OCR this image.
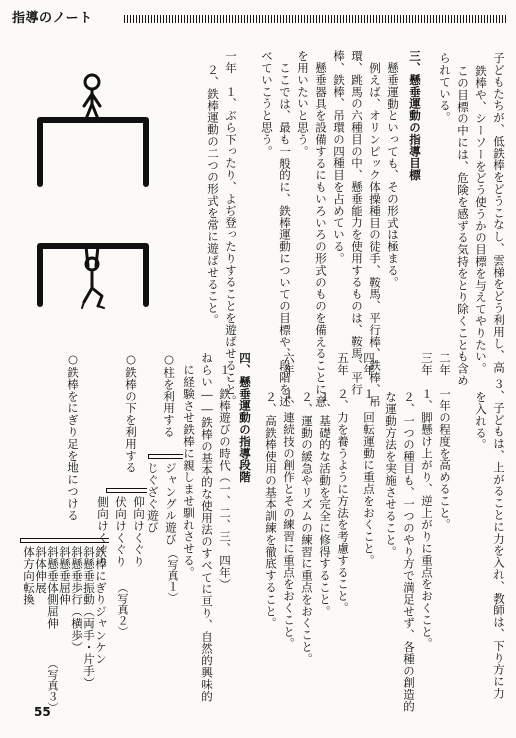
指導のノート
子どもたちが、低鉄棒をどうこなし、雲梯をどう利用し、高
鉄棒や、シーソーをどう使うかの目標を与えてやりたい。
この目標の中には、危険を感ずる気持をとり除くことも含め
られている。
三、懸垂運動の指導目標
懸垂運動といっても、その形式は極まる。
例えば、オリンピック体操種目の徒手、鞍馬、平行棒、鉄棒、吊
環、跳馬の六種目の中、懸垂能力を使用するものは、鞍馬、平行
棒、鉄棒、吊環の四種目を占めている。
懸垂器具を設備するにもいろいろの形式のものを備えることに意
を用いたいと思う。
ここでは、最も一般的に、鉄棒運動についての目標や、段階を述
べていこうと思う。
一年　１、ぶら下ったり、よぢ登ったりすることを遊ばせること。
２、鉄棒運動の二つの形式を常に遊ばせること。
３、子どもは、上がることに力を入れ、教師は、下り方に力
を入れる。
二年　一年の程度を高めること。
三年　１、脚懸け上がり、逆上がりに重点をおくこと。
２、一つの種目も、一つのやり方で満足せず、各種の創造的
な運動方法を実施させること。
四年　１、回転運動に重点をおくこと。
五年　２、力を養うように方法を考慮すること。
１、基礎的な活動を完全に修得すること。
２、運動の緩急やリズムの練習に重点をおくこと。
六年　１、連続技の創作とその練習に重点をおくこと。
２、高鉄棒使用の基本訓練を徹底すること。
四、懸垂運動の指導段階
１、鉄棒遊びの時代（一、二、三、四年）
ねらい――鉄棒の基本的な使用法のすべてに亘り、自然的興味的
に経験させ鉄棒に親しませ馴れさせる。
○柱を利用する
○鉄棒の下を利用する
○鉄棒をにぎり足を地につける	ジャングル遊び
じぐざぐ遊び
（写真１）
仰向けくぐり
伏向けくぐり
側向けくぐり
（写真２）
鉄棒にぎりジャンケン
斜懸垂振動（両手・片手）
斜懸垂歩行（横歩）
斜懸垂屈伸
斜懸垂体側屈伸
斜体伸展
体方向転換
（写真３）
55
